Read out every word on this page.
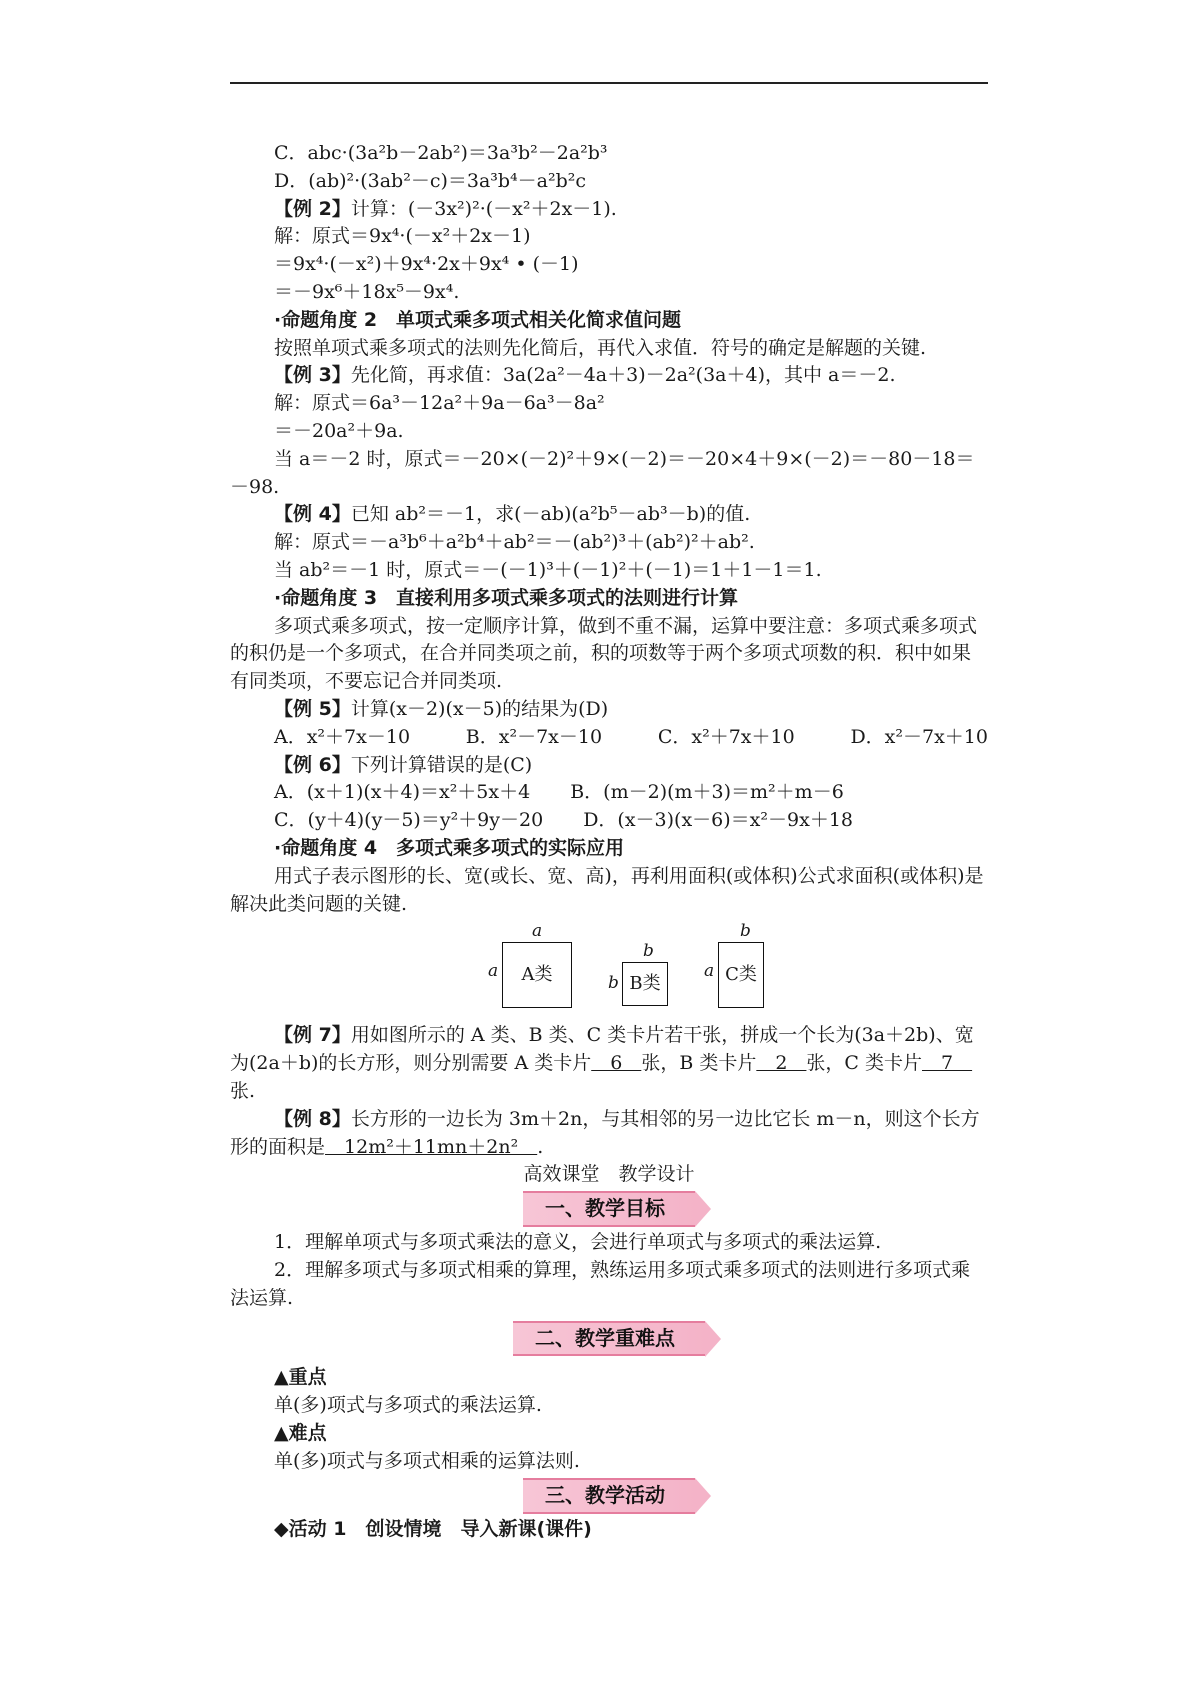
C．abc·(3a²b－2ab²)＝3a³b²－2a²b³
D．(ab)²·(3ab²－c)＝3a³b⁴－a²b²c
【例 2】计算：(－3x²)²·(－x²＋2x－1).
解：原式＝9x⁴·(－x²＋2x－1)
＝9x⁴·(－x²)＋9x⁴·2x＋9x⁴ • (－1)
＝－9x⁶＋18x⁵－9x⁴.
·命题角度 2　单项式乘多项式相关化简求值问题
按照单项式乘多项式的法则先化简后，再代入求值．符号的确定是解题的关键.
【例 3】先化简，再求值：3a(2a²－4a＋3)－2a²(3a＋4)，其中 a＝－2.
解：原式＝6a³－12a²＋9a－6a³－8a²
＝－20a²＋9a.
当 a＝－2 时，原式＝－20×(－2)²＋9×(－2)＝－20×4＋9×(－2)＝－80－18＝－98.
【例 4】已知 ab²＝－1，求(－ab)(a²b⁵－ab³－b)的值.
解：原式＝－a³b⁶＋a²b⁴＋ab²＝－(ab²)³＋(ab²)²＋ab².
当 ab²＝－1 时，原式＝－(－1)³＋(－1)²＋(－1)＝1＋1－1＝1.
·命题角度 3　直接利用多项式乘多项式的法则进行计算
多项式乘多项式，按一定顺序计算，做到不重不漏，运算中要注意：多项式乘多项式的积仍是一个多项式，在合并同类项之前，积的项数等于两个多项式项数的积．积中如果有同类项，不要忘记合并同类项.
【例 5】计算(x－2)(x－5)的结果为(D)
A．x²＋7x－10	B．x²－7x－10	C．x²＋7x＋10	D．x²－7x＋10
【例 6】下列计算错误的是(C)
A．(x＋1)(x＋4)＝x²＋5x＋4 B．(m－2)(m＋3)＝m²＋m－6
C．(y＋4)(y－5)＝y²＋9y－20 D．(x－3)(x－6)＝x²－9x＋18
·命题角度 4　多项式乘多项式的实际应用
用式子表示图形的长、宽(或长、宽、高)，再利用面积(或体积)公式求面积(或体积)是解决此类问题的关键.
a
a	A类
b
b B类
b
a C类
【例 7】用如图所示的 A 类、B 类、C 类卡片若干张，拼成一个长为(3a＋2b)、宽为(2a＋b)的长方形，则分别需要 A 类卡片　6　张，B 类卡片　2　张，C 类卡片　7　张.
【例 8】长方形的一边长为 3m＋2n，与其相邻的另一边比它长 m－n，则这个长方形的面积是　12m²＋11mn＋2n²　.
高效课堂　教学设计
一、教学目标
1．理解单项式与多项式乘法的意义，会进行单项式与多项式的乘法运算.
2．理解多项式与多项式相乘的算理，熟练运用多项式乘多项式的法则进行多项式乘法运算.
二、教学重难点
▲重点
单(多)项式与多项式的乘法运算.
▲难点
单(多)项式与多项式相乘的运算法则.
三、教学活动
◆活动 1　创设情境　导入新课(课件)
